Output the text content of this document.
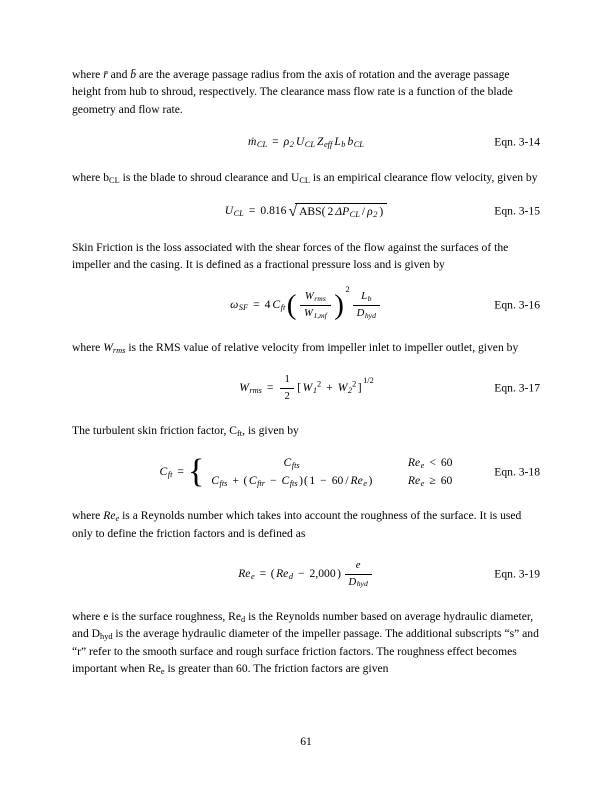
where r̄ and b̄ are the average passage radius from the axis of rotation and the average passage height from hub to shroud, respectively. The clearance mass flow rate is a function of the blade geometry and flow rate.

ṁ$_{CL}$ = $\rho_2$ $U_{CL}$ $Z_{eff}$ $L_b$ $b_{CL}$	Eqn. 3-14

where $b_{CL}$ is the blade to shroud clearance and $U_{CL}$ is an empirical clearance flow velocity, given by

$U_{CL} = 0.816$ √ ABS( 2 $\Delta P_{CL} / \rho_2$ )	Eqn. 3-15

Skin Friction is the loss associated with the shear forces of the flow against the surfaces of the impeller and the casing. It is defined as a fractional pressure loss and is given by

$\omega_{SF} = 4$ $C_{ft}$ ( $\frac{W_{rms}}{W_{1,mf}}$ ) 2
$\frac{L_b}{D_{hyd}}$	Eqn. 3-16

where $W_{rms}$ is the RMS value of relative velocity from impeller inlet to impeller outlet, given by

$W_{rms} = \frac{1}{2}$ [ $W_1^2 + W_2^2$ ]
1/2
Eqn. 3-17

The turbulent skin friction factor, $C_{ft}$, is given by

$C_{ft}$ = {	$C_{fts}$	$Re_e < 60$
$C_{fts}$ + ( $C_{ftr} - C_{fts}$ ) ( $1 - 60 / Re_e$ )	$Re_e \ge 60$
Eqn. 3-18

where $Re_e$ is a Reynolds number which takes into account the roughness of the surface. It is used only to define the friction factors and is defined as

$Re_e$ = ( $Re_d - 2,000$ ) $\frac{e}{D_{hyd}}$	Eqn. 3-19

where e is the surface roughness, $Re_d$ is the Reynolds number based on average hydraulic diameter, and $D_{hyd}$ is the average hydraulic diameter of the impeller passage. The additional subscripts “s” and “r” refer to the smooth surface and rough surface friction factors. The roughness effect becomes important when $Re_e$ is greater than 60. The friction factors are given

61
